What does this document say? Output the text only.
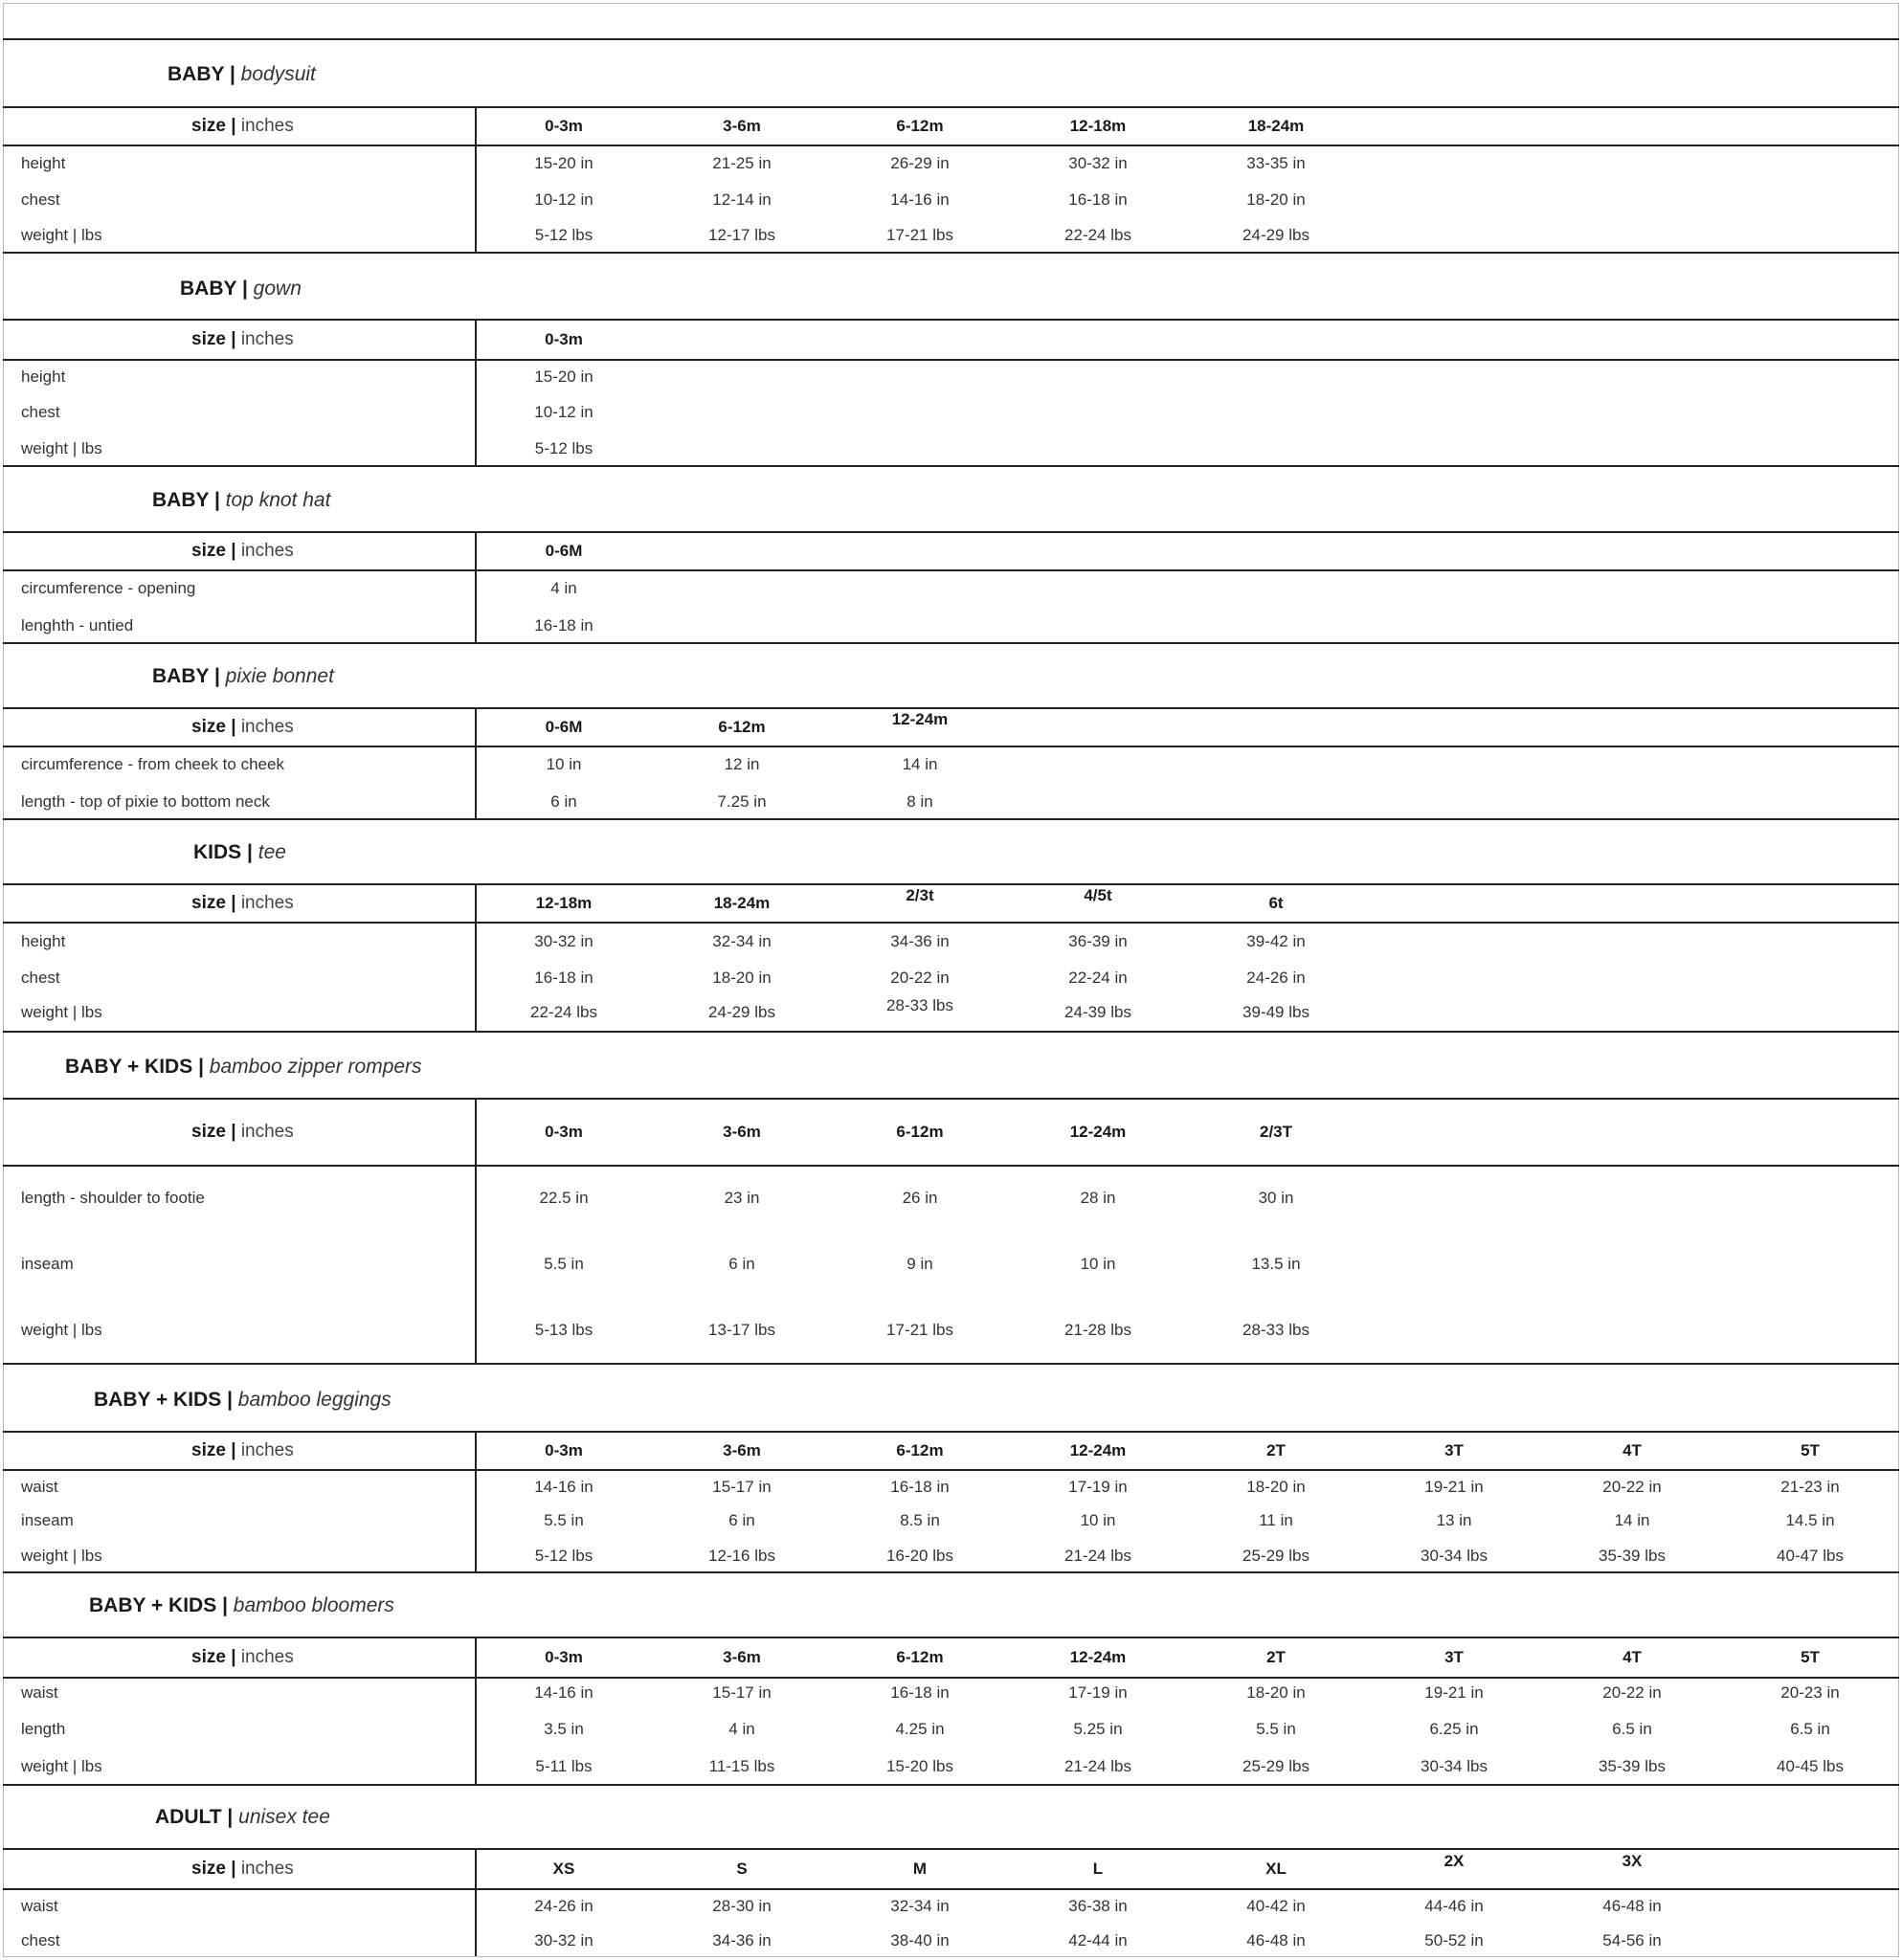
BABY | bodysuit
size | inches	0-3m	3-6m	6-12m	12-18m	18-24m
height	15-20 in	21-25 in	26-29 in	30-32 in	33-35 in
chest	10-12 in	12-14 in	14-16 in	16-18 in	18-20 in
weight | lbs	5-12 lbs	12-17 lbs	17-21 lbs	22-24 lbs	24-29 lbs
BABY | gown
size | inches	0-3m
height	15-20 in
chest	10-12 in
weight | lbs	5-12 lbs
BABY | top knot hat
size | inches	0-6M
circumference - opening	4 in
lenghth - untied	16-18 in
BABY | pixie bonnet
size | inches	0-6M	6-12m	12-24m
circumference - from cheek to cheek	10 in	12 in	14 in
length - top of pixie to bottom neck	6 in	7.25 in	8 in
KIDS | tee
size | inches	12-18m	18-24m	2/3t	4/5t	6t
height	30-32 in	32-34 in	34-36 in	36-39 in	39-42 in
chest	16-18 in	18-20 in	20-22 in	22-24 in	24-26 in
weight | lbs	22-24 lbs	24-29 lbs	28-33 lbs	24-39 lbs	39-49 lbs
BABY + KIDS | bamboo zipper rompers
size | inches	0-3m	3-6m	6-12m	12-24m	2/3T
length - shoulder to footie	22.5 in	23 in	26 in	28 in	30 in
inseam	5.5 in	6 in	9 in	10 in	13.5 in
weight | lbs	5-13 lbs	13-17 lbs	17-21 lbs	21-28 lbs	28-33 lbs
BABY + KIDS | bamboo leggings
size | inches	0-3m	3-6m	6-12m	12-24m	2T	3T	4T	5T
waist	14-16 in	15-17 in	16-18 in	17-19 in	18-20 in	19-21 in	20-22 in	21-23 in
inseam	5.5 in	6 in	8.5 in	10 in	11 in	13 in	14 in	14.5 in
weight | lbs	5-12 lbs	12-16 lbs	16-20 lbs	21-24 lbs	25-29 lbs	30-34 lbs	35-39 lbs	40-47 lbs
BABY + KIDS | bamboo bloomers
size | inches	0-3m	3-6m	6-12m	12-24m	2T	3T	4T	5T
waist	14-16 in	15-17 in	16-18 in	17-19 in	18-20 in	19-21 in	20-22 in	20-23 in
length	3.5 in	4 in	4.25 in	5.25 in	5.5 in	6.25 in	6.5 in	6.5 in
weight | lbs	5-11 lbs	11-15 lbs	15-20 lbs	21-24 lbs	25-29 lbs	30-34 lbs	35-39 lbs	40-45 lbs
ADULT | unisex tee
size | inches	XS	S	M	L	XL	2X	3X
waist	24-26 in	28-30 in	32-34 in	36-38 in	40-42 in	44-46 in	46-48 in
chest	30-32 in	34-36 in	38-40 in	42-44 in	46-48 in	50-52 in	54-56 in
